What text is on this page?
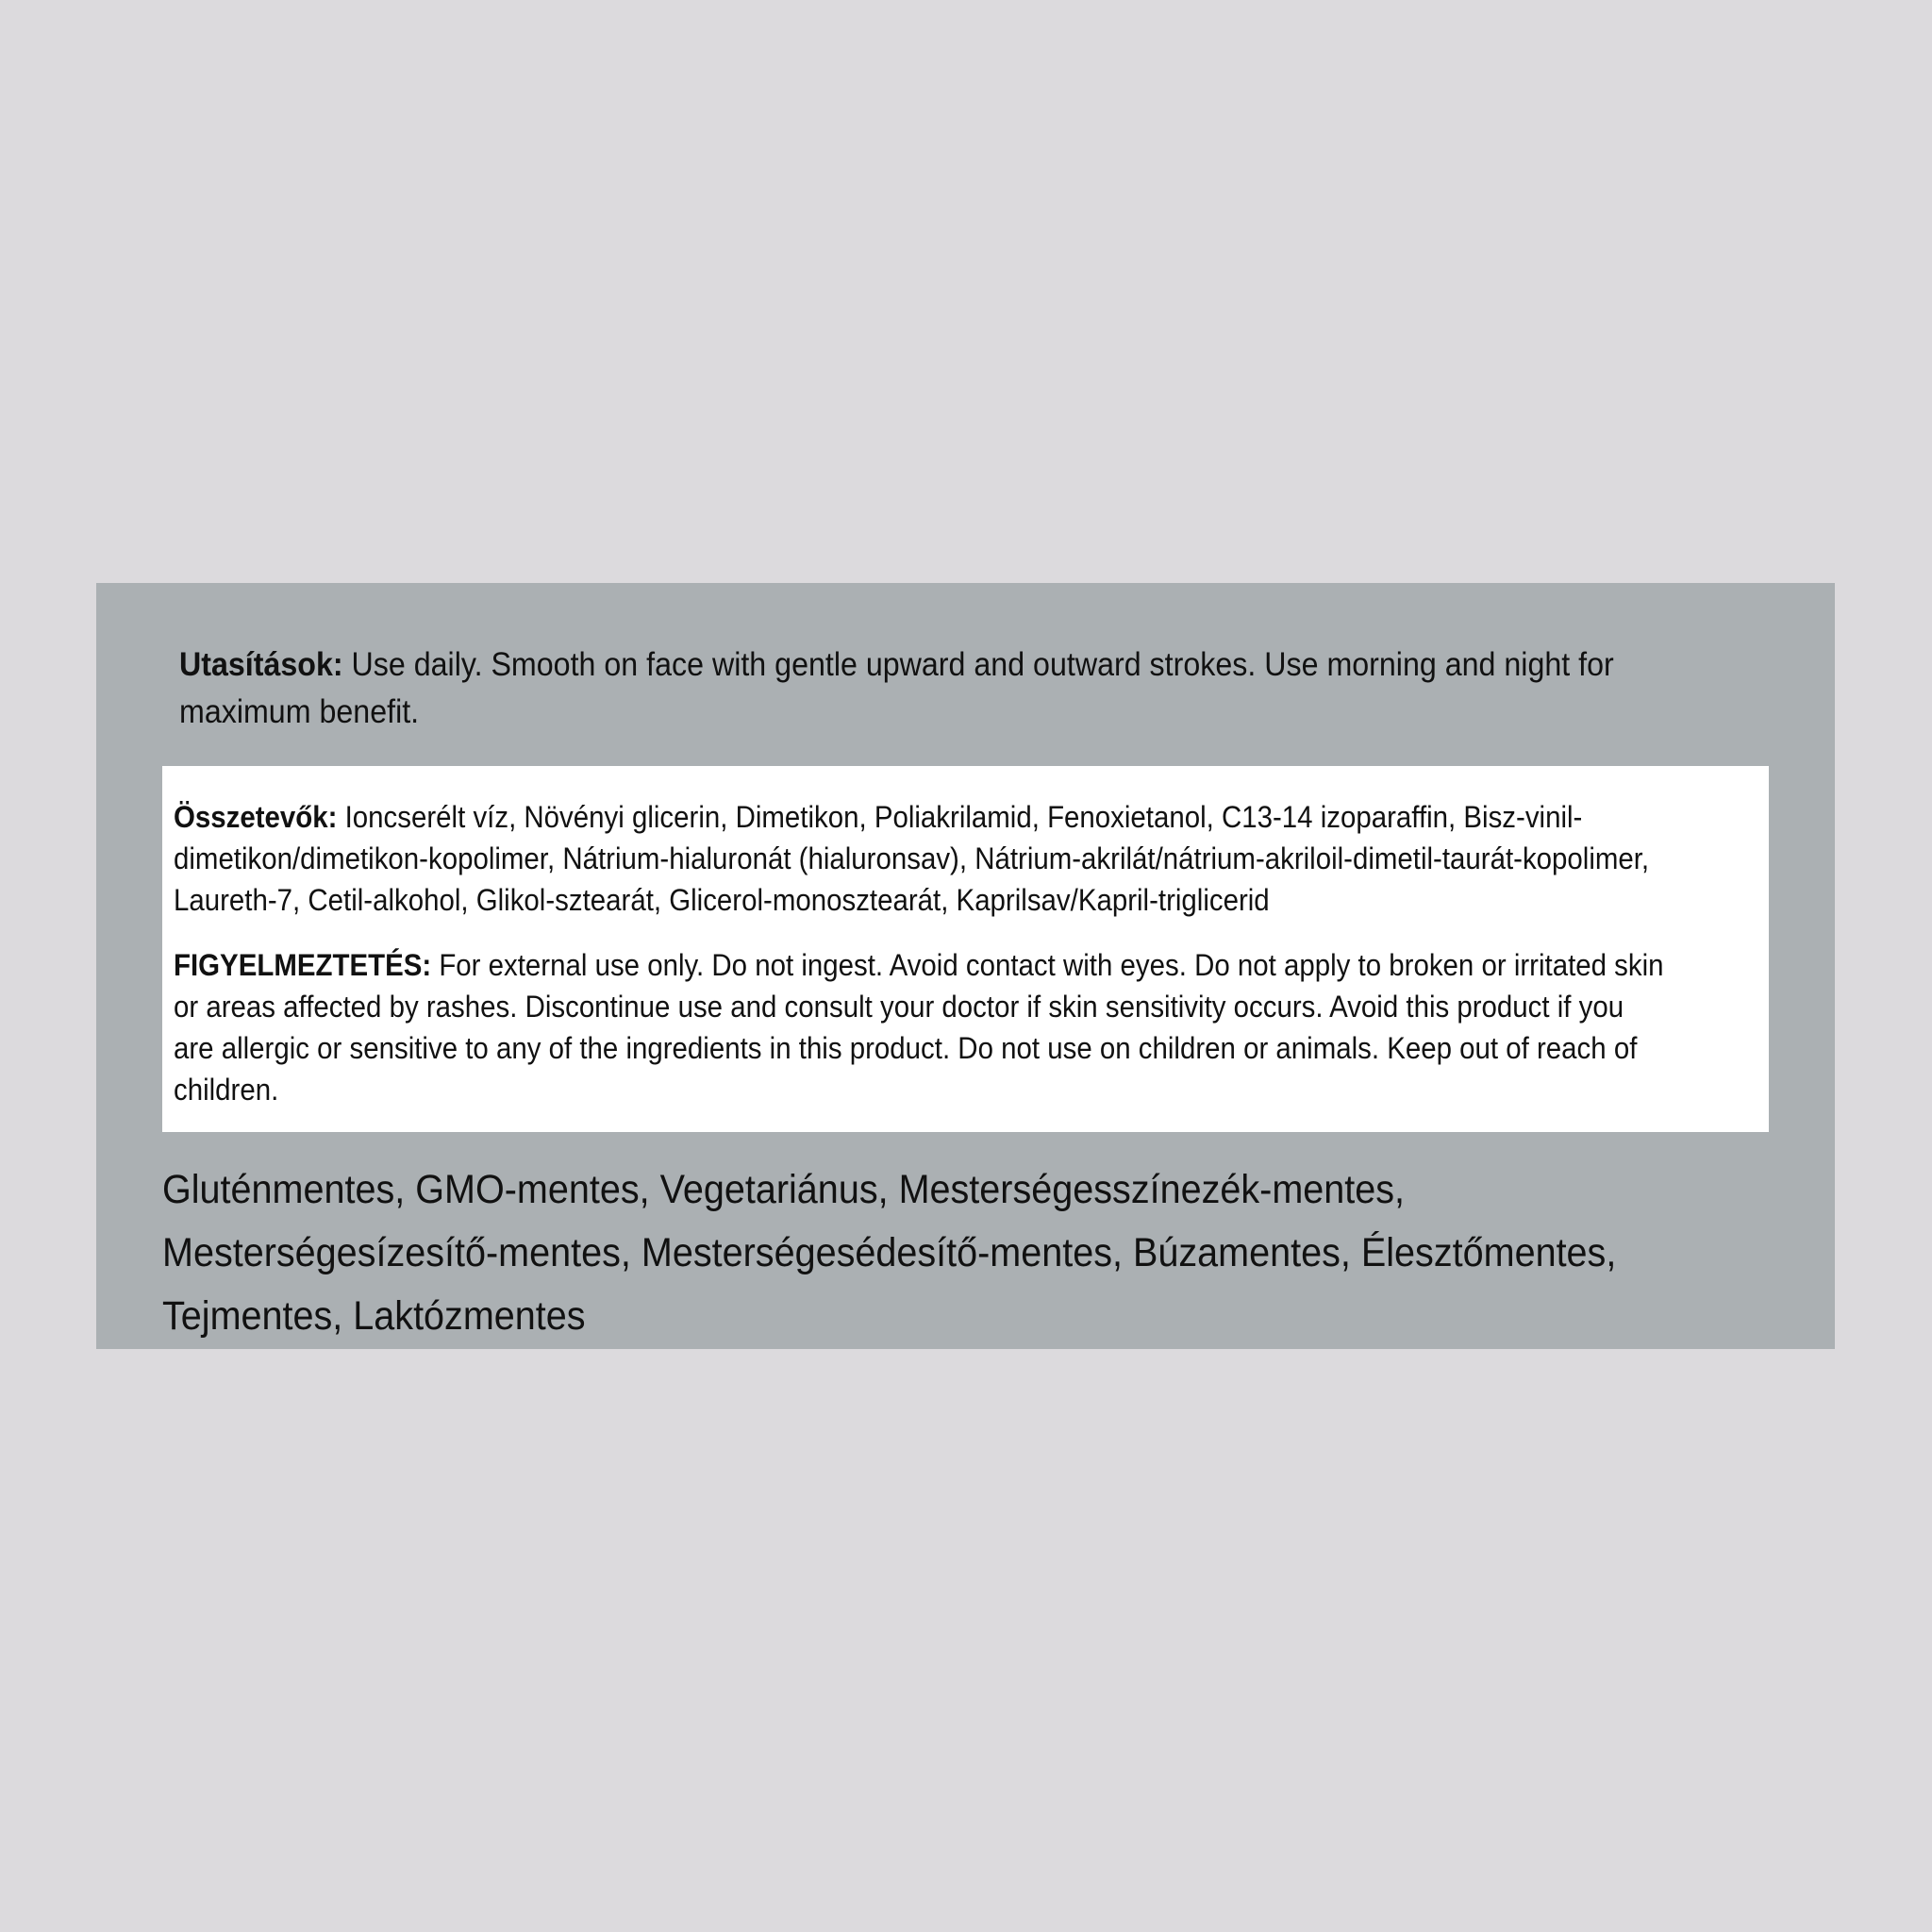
Utasítások: Use daily. Smooth on face with gentle upward and outward strokes. Use morning and night for maximum benefit.
Összetevők: Ioncserélt víz, Növényi glicerin, Dimetikon, Poliakrilamid, Fenoxietanol, C13-14 izoparaffin, Bisz-vinil-dimetikon/dimetikon-kopolimer, Nátrium-hialuronát (hialuronsav), Nátrium-akrilát/nátrium-akriloil-dimetil-taurát-kopolimer, Laureth-7, Cetil-alkohol, Glikol-sztearát, Glicerol-monosztearát, Kaprilsav/Kapril-triglicerid
FIGYELMEZTETÉS: For external use only. Do not ingest. Avoid contact with eyes. Do not apply to broken or irritated skin or areas affected by rashes. Discontinue use and consult your doctor if skin sensitivity occurs. Avoid this product if you are allergic or sensitive to any of the ingredients in this product. Do not use on children or animals. Keep out of reach of children.
Gluténmentes, GMO-mentes, Vegetariánus, Mesterségesszínezék-mentes, Mesterségesízesítő-mentes, Mesterségesédesítő-mentes, Búzamentes, Élesztőmentes, Tejmentes, Laktózmentes
